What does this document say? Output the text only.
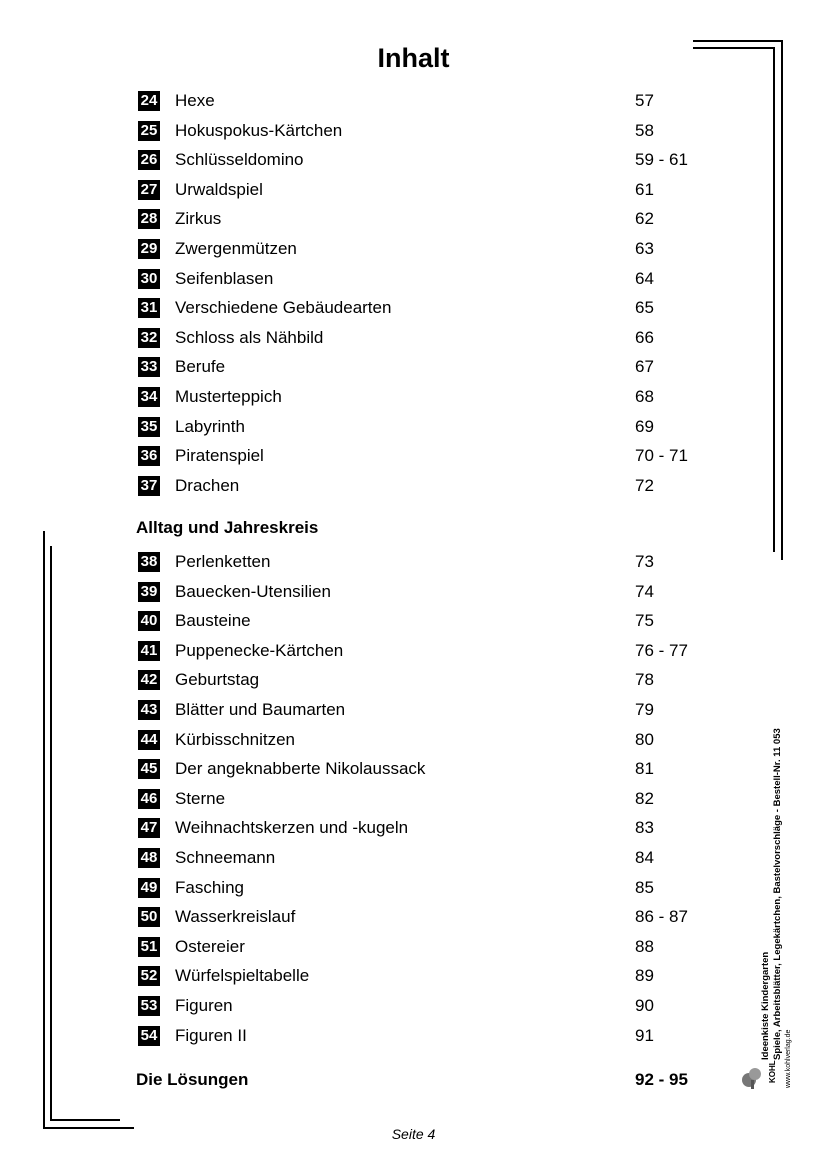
Inhalt
24 Hexe	57
25 Hokuspokus-Kärtchen	58
26 Schlüsseldomino	59 - 61
27 Urwaldspiel	61
28 Zirkus	62
29 Zwergenmützen	63
30 Seifenblasen	64
31 Verschiedene Gebäudearten	65
32 Schloss als Nähbild	66
33 Berufe	67
34 Musterteppich	68
35 Labyrinth	69
36 Piratenspiel	70 - 71
37 Drachen	72
38 Perlenketten	73
39 Bauecken-Utensilien	74
40 Bausteine	75
41 Puppenecke-Kärtchen	76 - 77
42 Geburtstag	78
43 Blätter und Baumarten	79
44 Kürbisschnitzen	80
45 Der angeknabberte Nikolaussack	81
46 Sterne	82
47 Weihnachtskerzen und -kugeln	83
48 Schneemann	84
49 Fasching	85
50 Wasserkreislauf	86 - 87
51 Ostereier	88
52 Würfelspieltabelle	89
53 Figuren	90
54 Figuren II	91
Alltag und Jahreskreis
Die Lösungen	92 - 95	KOHL www.kohlverlag.de
Ideenkiste Kindergarten Spiele, Arbeitsblätter, Legekärtchen, Bastelvorschläge - Bestell-Nr. 11 053
Seite 4
